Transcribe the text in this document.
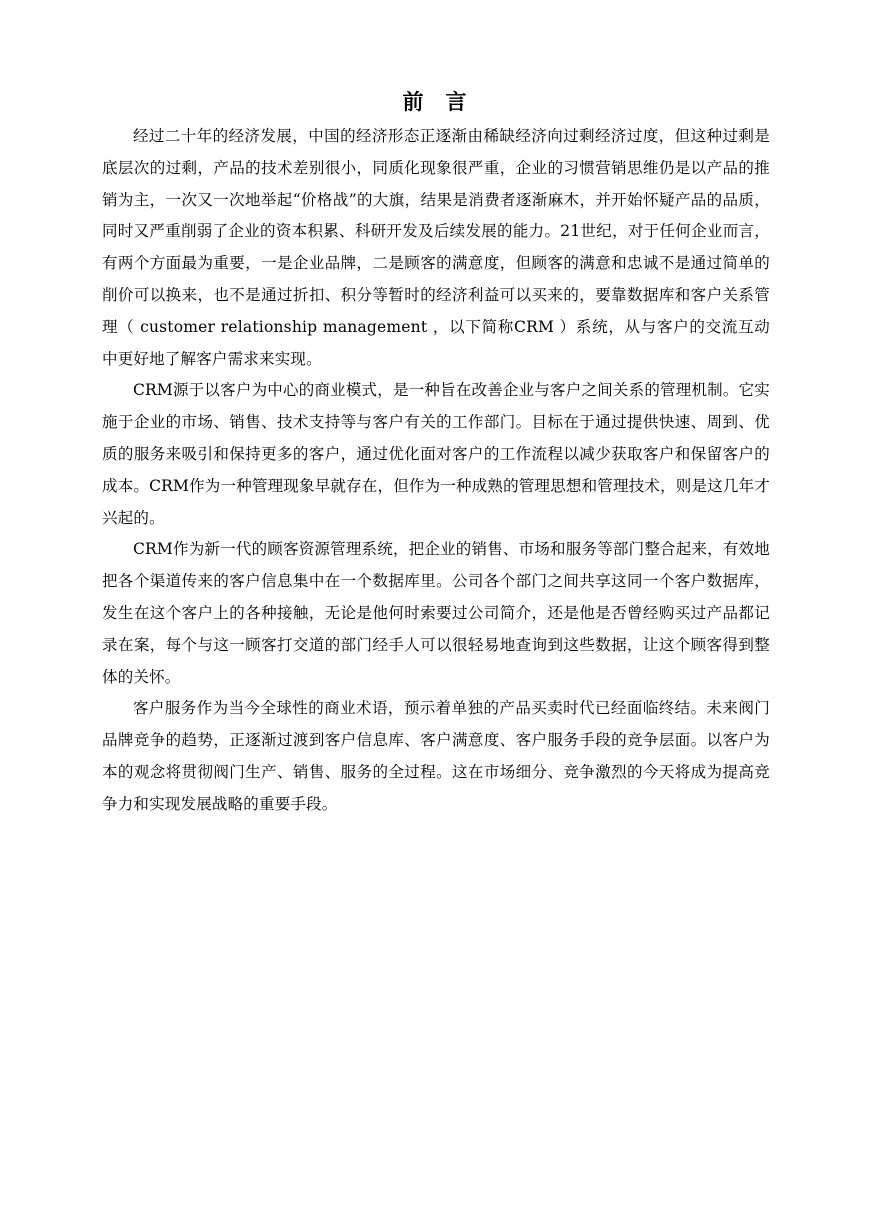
前言

经过二十年的经济发展，中国的经济形态正逐渐由稀缺经济向过剩经济过度，但这种过剩是底层次的过剩，产品的技术差别很小，同质化现象很严重，企业的习惯营销思维仍是以产品的推销为主，一次又一次地举起“价格战”的大旗，结果是消费者逐渐麻木，并开始怀疑产品的品质，同时又严重削弱了企业的资本积累、科研开发及后续发展的能力。21世纪，对于任何企业而言，有两个方面最为重要，一是企业品牌，二是顾客的满意度，但顾客的满意和忠诚不是通过简单的削价可以换来，也不是通过折扣、积分等暂时的经济利益可以买来的，要靠数据库和客户关系管理（ customer relationship management ，以下简称CRM ）系统，从与客户的交流互动中更好地了解客户需求来实现。

CRM源于以客户为中心的商业模式，是一种旨在改善企业与客户之间关系的管理机制。它实施于企业的市场、销售、技术支持等与客户有关的工作部门。目标在于通过提供快速、周到、优质的服务来吸引和保持更多的客户，通过优化面对客户的工作流程以减少获取客户和保留客户的成本。CRM作为一种管理现象早就存在，但作为一种成熟的管理思想和管理技术，则是这几年才兴起的。

CRM作为新一代的顾客资源管理系统，把企业的销售、市场和服务等部门整合起来，有效地把各个渠道传来的客户信息集中在一个数据库里。公司各个部门之间共享这同一个客户数据库，发生在这个客户上的各种接触，无论是他何时索要过公司简介，还是他是否曾经购买过产品都记录在案，每个与这一顾客打交道的部门经手人可以很轻易地查询到这些数据，让这个顾客得到整体的关怀。

客户服务作为当今全球性的商业术语，预示着单独的产品买卖时代已经面临终结。未来阀门品牌竞争的趋势，正逐渐过渡到客户信息库、客户满意度、客户服务手段的竞争层面。以客户为本的观念将贯彻阀门生产、销售、服务的全过程。这在市场细分、竞争激烈的今天将成为提高竞争力和实现发展战略的重要手段。
